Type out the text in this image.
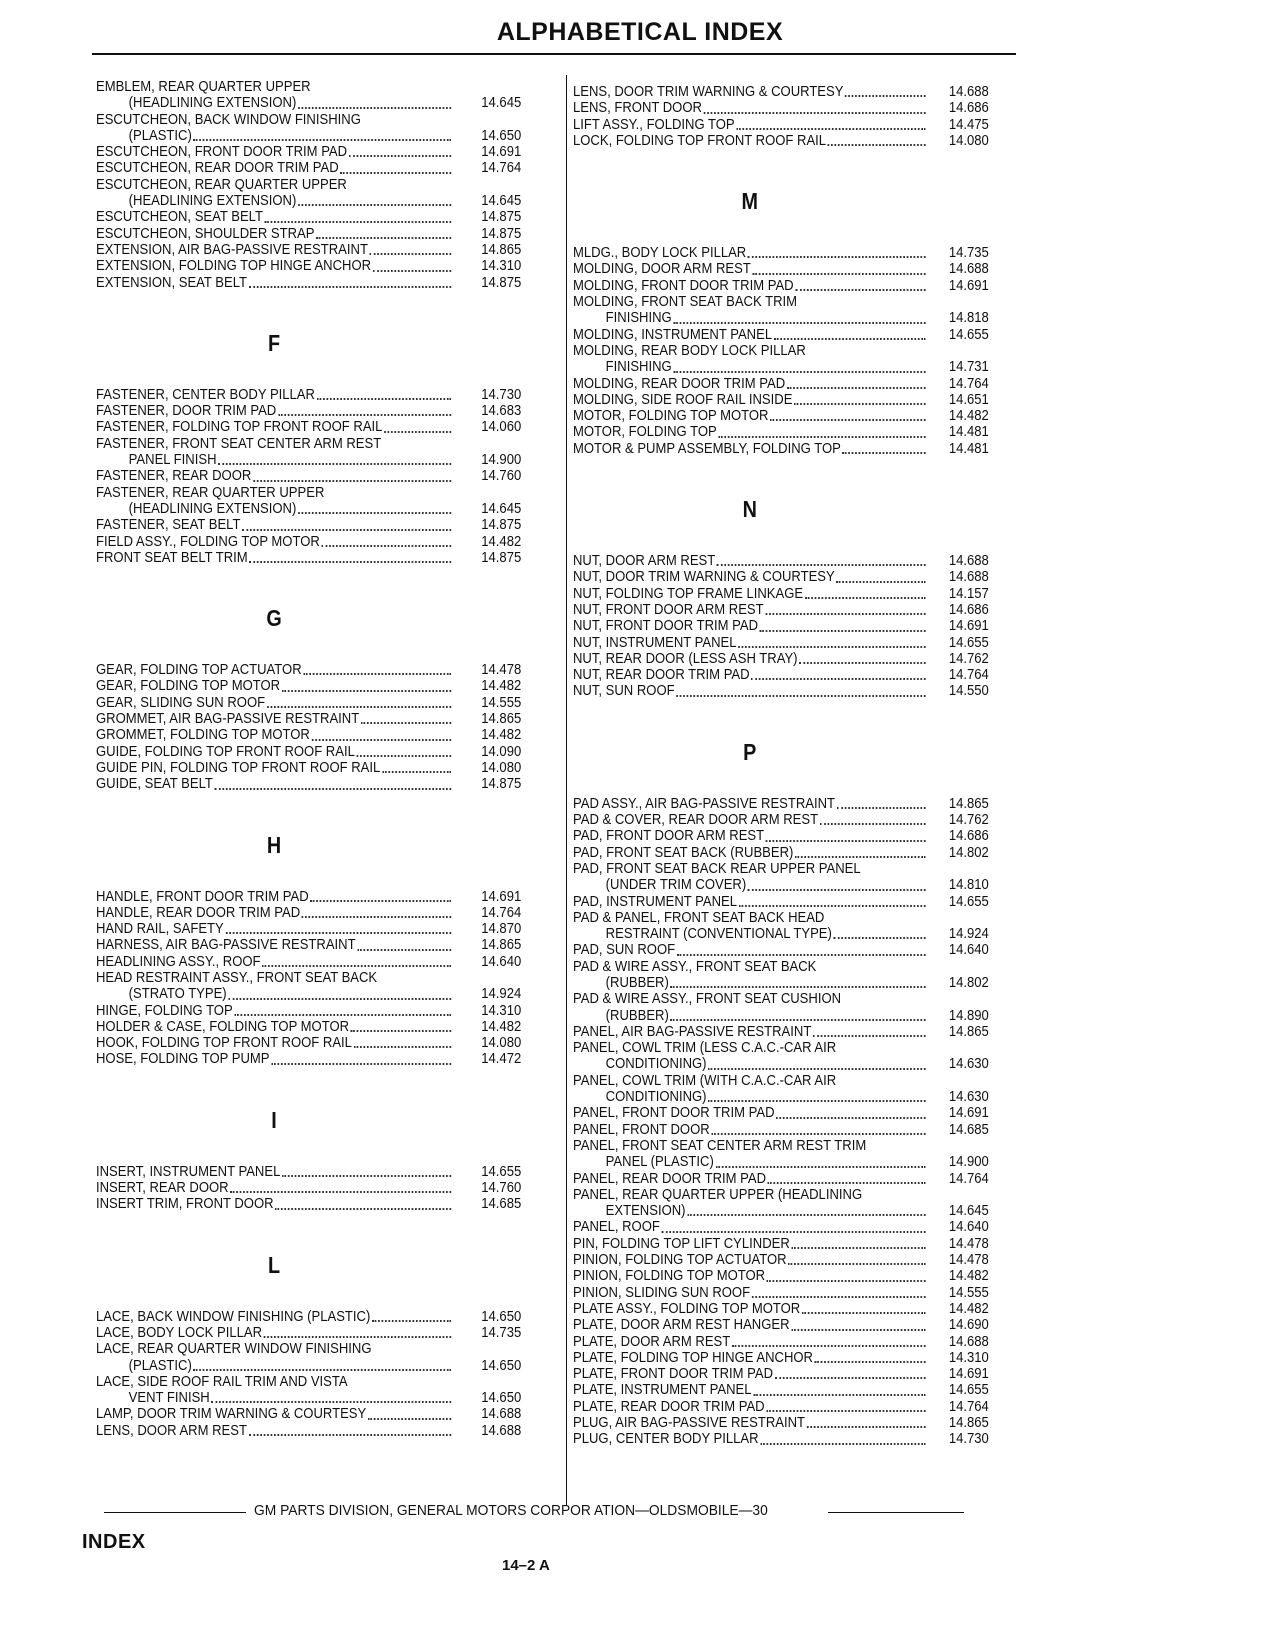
ALPHABETICAL INDEX
EMBLEM, REAR QUARTER UPPER
(HEADLINING EXTENSION)	14.645
ESCUTCHEON, BACK WINDOW FINISHING
(PLASTIC)	14.650
ESCUTCHEON, FRONT DOOR TRIM PAD	14.691
ESCUTCHEON, REAR DOOR TRIM PAD	14.764
ESCUTCHEON, REAR QUARTER UPPER
(HEADLINING EXTENSION)	14.645
ESCUTCHEON, SEAT BELT	14.875
ESCUTCHEON, SHOULDER STRAP	14.875
EXTENSION, AIR BAG-PASSIVE RESTRAINT	14.865
EXTENSION, FOLDING TOP HINGE ANCHOR	14.310
EXTENSION, SEAT BELT	14.875
F
FASTENER, CENTER BODY PILLAR	14.730
FASTENER, DOOR TRIM PAD	14.683
FASTENER, FOLDING TOP FRONT ROOF RAIL	14.060
FASTENER, FRONT SEAT CENTER ARM REST
PANEL FINISH	14.900
FASTENER, REAR DOOR	14.760
FASTENER, REAR QUARTER UPPER
(HEADLINING EXTENSION)	14.645
FASTENER, SEAT BELT	14.875
FIELD ASSY., FOLDING TOP MOTOR	14.482
FRONT SEAT BELT TRIM	14.875
G
GEAR, FOLDING TOP ACTUATOR	14.478
GEAR, FOLDING TOP MOTOR	14.482
GEAR, SLIDING SUN ROOF	14.555
GROMMET, AIR BAG-PASSIVE RESTRAINT	14.865
GROMMET, FOLDING TOP MOTOR	14.482
GUIDE, FOLDING TOP FRONT ROOF RAIL	14.090
GUIDE PIN, FOLDING TOP FRONT ROOF RAIL	14.080
GUIDE, SEAT BELT	14.875
H
HANDLE, FRONT DOOR TRIM PAD	14.691
HANDLE, REAR DOOR TRIM PAD	14.764
HAND RAIL, SAFETY	14.870
HARNESS, AIR BAG-PASSIVE RESTRAINT	14.865
HEADLINING ASSY., ROOF	14.640
HEAD RESTRAINT ASSY., FRONT SEAT BACK
(STRATO TYPE)	14.924
HINGE, FOLDING TOP	14.310
HOLDER & CASE, FOLDING TOP MOTOR	14.482
HOOK, FOLDING TOP FRONT ROOF RAIL	14.080
HOSE, FOLDING TOP PUMP	14.472
I
INSERT, INSTRUMENT PANEL	14.655
INSERT, REAR DOOR	14.760
INSERT TRIM, FRONT DOOR	14.685
L
LACE, BACK WINDOW FINISHING (PLASTIC)	14.650
LACE, BODY LOCK PILLAR	14.735
LACE, REAR QUARTER WINDOW FINISHING
(PLASTIC)	14.650
LACE, SIDE ROOF RAIL TRIM AND VISTA
VENT FINISH	14.650
LAMP, DOOR TRIM WARNING & COURTESY	14.688
LENS, DOOR ARM REST	14.688
LENS, DOOR TRIM WARNING & COURTESY	14.688
LENS, FRONT DOOR	14.686
LIFT ASSY., FOLDING TOP	14.475
LOCK, FOLDING TOP FRONT ROOF RAIL	14.080
M
MLDG., BODY LOCK PILLAR	14.735
MOLDING, DOOR ARM REST	14.688
MOLDING, FRONT DOOR TRIM PAD	14.691
MOLDING, FRONT SEAT BACK TRIM
FINISHING	14.818
MOLDING, INSTRUMENT PANEL	14.655
MOLDING, REAR BODY LOCK PILLAR
FINISHING	14.731
MOLDING, REAR DOOR TRIM PAD	14.764
MOLDING, SIDE ROOF RAIL INSIDE	14.651
MOTOR, FOLDING TOP MOTOR	14.482
MOTOR, FOLDING TOP	14.481
MOTOR & PUMP ASSEMBLY, FOLDING TOP	14.481
N
NUT, DOOR ARM REST	14.688
NUT, DOOR TRIM WARNING & COURTESY	14.688
NUT, FOLDING TOP FRAME LINKAGE	14.157
NUT, FRONT DOOR ARM REST	14.686
NUT, FRONT DOOR TRIM PAD	14.691
NUT, INSTRUMENT PANEL	14.655
NUT, REAR DOOR (LESS ASH TRAY)	14.762
NUT, REAR DOOR TRIM PAD	14.764
NUT, SUN ROOF	14.550
P
PAD ASSY., AIR BAG-PASSIVE RESTRAINT	14.865
PAD & COVER, REAR DOOR ARM REST	14.762
PAD, FRONT DOOR ARM REST	14.686
PAD, FRONT SEAT BACK (RUBBER)	14.802
PAD, FRONT SEAT BACK REAR UPPER PANEL
(UNDER TRIM COVER)	14.810
PAD, INSTRUMENT PANEL	14.655
PAD & PANEL, FRONT SEAT BACK HEAD
RESTRAINT (CONVENTIONAL TYPE)	14.924
PAD, SUN ROOF	14.640
PAD & WIRE ASSY., FRONT SEAT BACK
(RUBBER)	14.802
PAD & WIRE ASSY., FRONT SEAT CUSHION
(RUBBER)	14.890
PANEL, AIR BAG-PASSIVE RESTRAINT	14.865
PANEL, COWL TRIM (LESS C.A.C.-CAR AIR
CONDITIONING)	14.630
PANEL, COWL TRIM (WITH C.A.C.-CAR AIR
CONDITIONING)	14.630
PANEL, FRONT DOOR TRIM PAD	14.691
PANEL, FRONT DOOR	14.685
PANEL, FRONT SEAT CENTER ARM REST TRIM
PANEL (PLASTIC)	14.900
PANEL, REAR DOOR TRIM PAD	14.764
PANEL, REAR QUARTER UPPER (HEADLINING
EXTENSION)	14.645
PANEL, ROOF	14.640
PIN, FOLDING TOP LIFT CYLINDER	14.478
PINION, FOLDING TOP ACTUATOR	14.478
PINION, FOLDING TOP MOTOR	14.482
PINION, SLIDING SUN ROOF	14.555
PLATE ASSY., FOLDING TOP MOTOR	14.482
PLATE, DOOR ARM REST HANGER	14.690
PLATE, DOOR ARM REST	14.688
PLATE, FOLDING TOP HINGE ANCHOR	14.310
PLATE, FRONT DOOR TRIM PAD	14.691
PLATE, INSTRUMENT PANEL	14.655
PLATE, REAR DOOR TRIM PAD	14.764
PLUG, AIR BAG-PASSIVE RESTRAINT	14.865
PLUG, CENTER BODY PILLAR	14.730
GM PARTS DIVISION, GENERAL MOTORS CORPOR ATION—OLDSMOBILE—30
INDEX
14–2 A
